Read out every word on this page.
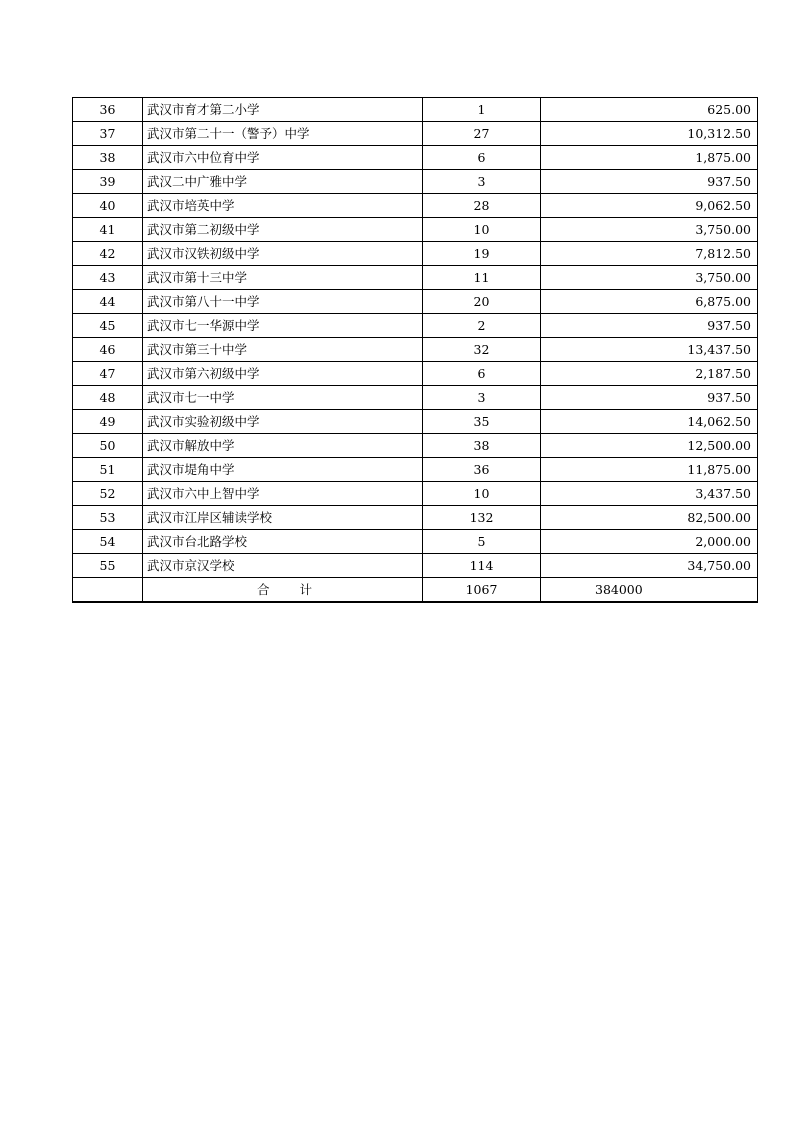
36	武汉市育才第二小学	1	625.00
37	武汉市第二十一（警予）中学	27	10,312.50
38	武汉市六中位育中学	6	1,875.00
39	武汉二中广雅中学	3	937.50
40	武汉市培英中学	28	9,062.50
41	武汉市第二初级中学	10	3,750.00
42	武汉市汉铁初级中学	19	7,812.50
43	武汉市第十三中学	11	3,750.00
44	武汉市第八十一中学	20	6,875.00
45	武汉市七一华源中学	2	937.50
46	武汉市第三十中学	32	13,437.50
47	武汉市第六初级中学	6	2,187.50
48	武汉市七一中学	3	937.50
49	武汉市实验初级中学	35	14,062.50
50	武汉市解放中学	38	12,500.00
51	武汉市堤角中学	36	11,875.00
52	武汉市六中上智中学	10	3,437.50
53	武汉市江岸区辅读学校	132	82,500.00
54	武汉市台北路学校	5	2,000.00
55	武汉市京汉学校	114	34,750.00
	合 计	1067	384000
